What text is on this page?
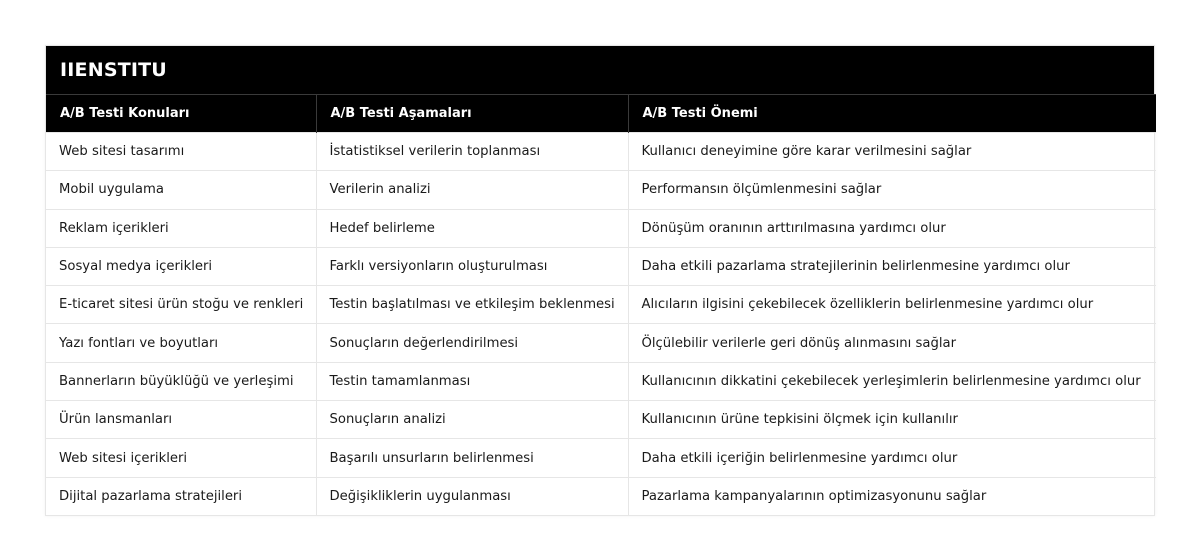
IIENSTITU
A/B Testi Konuları	A/B Testi Aşamaları	A/B Testi Önemi
Web sitesi tasarımı	İstatistiksel verilerin toplanması	Kullanıcı deneyimine göre karar verilmesini sağlar
Mobil uygulama	Verilerin analizi	Performansın ölçümlenmesini sağlar
Reklam içerikleri	Hedef belirleme	Dönüşüm oranının arttırılmasına yardımcı olur
Sosyal medya içerikleri	Farklı versiyonların oluşturulması	Daha etkili pazarlama stratejilerinin belirlenmesine yardımcı olur
E-ticaret sitesi ürün stoğu ve renkleri	Testin başlatılması ve etkileşim beklenmesi	Alıcıların ilgisini çekebilecek özelliklerin belirlenmesine yardımcı olur
Yazı fontları ve boyutları	Sonuçların değerlendirilmesi	Ölçülebilir verilerle geri dönüş alınmasını sağlar
Bannerların büyüklüğü ve yerleşimi	Testin tamamlanması	Kullanıcının dikkatini çekebilecek yerleşimlerin belirlenmesine yardımcı olur
Ürün lansmanları	Sonuçların analizi	Kullanıcının ürüne tepkisini ölçmek için kullanılır
Web sitesi içerikleri	Başarılı unsurların belirlenmesi	Daha etkili içeriğin belirlenmesine yardımcı olur
Dijital pazarlama stratejileri	Değişikliklerin uygulanması	Pazarlama kampanyalarının optimizasyonunu sağlar
